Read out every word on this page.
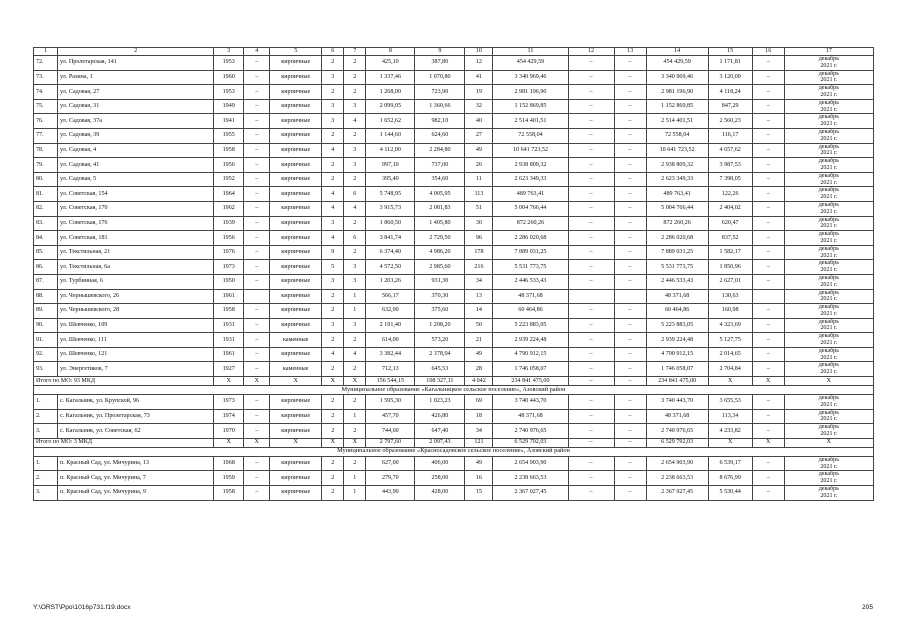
1	2	3	4	5	6	7	8	9	10	11	12	13	14	15	16	17
72.	ул. Пролетарская, 141	1953	–	кирпичные	2	2	425,10	387,80	12	454 429,59	–	–	454 429,59	1 171,81	–	декабрь
2021 г.

73.	ул. Разина, 1	1960	–	кирпичные	3	2	1 337,46	1 070,80	41	3 340 969,46	–	–	3 340 969,46	3 120,09	–	декабрь
2021 г.

74.	ул. Садовая, 27	1953	–	кирпичные	2	2	1 268,00	723,90	19	2 981 196,90	–	–	2 981 196,90	4 118,24	–	декабрь
2021 г.

75.	ул. Садовая, 31	1949	–	кирпичные	3	3	2 099,05	1 360,66	32	1 152 869,85	–	–	1 152 869,85	847,29	–	декабрь
2021 г.

76.	ул. Садовая, 37а	1941	–	кирпичные	3	4	1 652,62	982,10	40	2 514 401,51	–	–	2 514 401,51	2 560,23	–	декабрь
2021 г.

77.	ул. Садовая, 39	1955	–	кирпичные	2	2	1 144,60	624,60	27	72 558,04	–	–	72 558,04	116,17	–	декабрь
2021 г.

78.	ул. Садовая, 4	1958	–	кирпичные	4	3	4 112,00	2 284,80	49	10 641 723,52	–	–	10 641 723,52	4 657,62	–	декабрь
2021 г.

79.	ул. Садовая, 41	1956	–	кирпичные	2	3	997,10	737,00	26	2 938 809,32	–	–	2 938 809,32	3 987,53	–	декабрь
2021 г.

80.	ул. Садовая, 5	1952	–	кирпичные	2	2	395,40	354,60	11	2 623 349,33	–	–	2 623 349,33	7 398,05	–	декабрь
2021 г.

81.	ул. Советская, 154	1964	–	кирпичные	4	6	5 748,95	4 005,95	113	489 763,41	–	–	489 763,41	122,26	–	декабрь
2021 г.

82.	ул. Советская, 170	1962	–	кирпичные	4	4	3 915,73	2 081,83	51	5 004 766,44	–	–	5 004 766,44	2 404,02	–	декабрь
2021 г.

83.	ул. Советская, 176	1939	–	кирпичные	3	2	1 860,50	1 405,80	30	872 260,26	–	–	872 260,26	620,47	–	декабрь
2021 г.

84.	ул. Советская, 181	1956	–	кирпичные	4	6	3 841,74	2 729,50	96	2 286 020,68	–	–	2 286 020,68	837,52	–	декабрь
2021 г.

85.	ул. Текстильная, 21	1976	–	кирпичные	9	2	6 374,40	4 986,20	178	7 889 031,25	–	–	7 889 031,25	1 582,17	–	декабрь
2021 г.

86.	ул. Текстильная, 6а	1973	–	кирпичные	5	3	4 572,50	2 985,60	216	5 531 773,75	–	–	5 531 773,75	1 850,96	–	декабрь
2021 г.

87.	ул. Турбинная, 6	1950	–	кирпичные	3	3	1 203,26	931,30	34	2 446 533,43	–	–	2 446 533,43	2 627,01	–	декабрь
2021 г.

88.	ул. Чернышевского, 26	1961		кирпичные	2	1	566,17	370,30	13	48 371,68			48 371,68	130,63		декабрь
2021 г.

89.	ул. Чернышевского, 28	1958	–	кирпичные	2	1	632,90	375,60	14	60 464,86	–	–	60 464,86	160,98	–	декабрь
2021 г.

90.	ул. Шевченко, 109	1931	–	кирпичные	3	3	2 191,40	1 208,20	50	5 223 883,05	–	–	5 223 883,05	4 323,69	–	декабрь
2021 г.

91.	ул. Шевченко, 111	1931	–	каменные	2	2	614,00	573,20	21	2 939 224,48	–	–	2 939 224,48	5 127,75	–	декабрь
2021 г.

92.	ул. Шевченко, 121	1961	–	кирпичные	4	4	3 382,44	2 378,04	49	4 790 912,15	–	–	4 790 912,15	2 014,65	–	декабрь
2021 г.

93.	ул. Энергетиков, 7	1927	–	каменные	2	2	712,13	645,53	28	1 746 058,07	–	–	1 746 058,07	2 704,84	–	декабрь
2021 г.

Итого по МО: 93 МКД		X	X	X	X	X	156 544,15	108 327,11	4 042	234 841 475,00	–	–	234 841 475,00	X	X	X
Муниципальное образование «Кагальницкое сельское поселение», Азовский район																
1.	с. Кагальник, ул. Крупской, 96	1973	–	кирпичные	2	2	1 595,30	1 023,23	69	3 740 443,70	–	–	3 740 443,70	3 655,53	–	декабрь
2021 г.

2.	с. Кагальник, ул. Пролетарская, 73	1974	–	кирпичные	2	1	457,70	426,80	18	48 371,68	–	–	48 371,68	113,34	–	декабрь
2021 г.

3.	с. Кагальник, ул. Советская, 62	1970	–	кирпичные	2	2	744,60	647,40	34	2 740 976,65	–	–	2 740 976,65	4 233,82	–	декабрь
2021 г.

Итого по МО: 3 МКД		X	X	X	X	X	2 797,60	2 097,43	121	6 529 792,03	–	–	6 529 792,03	X	X	X
Муниципальное образование «Красносадовское сельское поселение», Азовский район																
1.	п. Красный Сад, ул. Мичурина, 13	1968	–	кирпичные	2	2	627,00	406,00	49	2 654 903,90	–	–	2 654 903,90	6 539,17	–	декабрь
2021 г.

2.	п. Красный Сад, ул. Мичурина, 7	1959	–	кирпичные	2	1	279,70	258,00	16	2 238 663,53	–	–	2 238 663,53	8 676,99	–	декабрь
2021 г.

3.	п. Красный Сад, ул. Мичурина, 9	1958	–	кирпичные	2	1	443,90	428,00	15	2 367 027,45	–	–	2 367 027,45	5 530,44	–	декабрь
2021 г.
Y:\ORST\Ppo\1016p731.f19.docx	205
